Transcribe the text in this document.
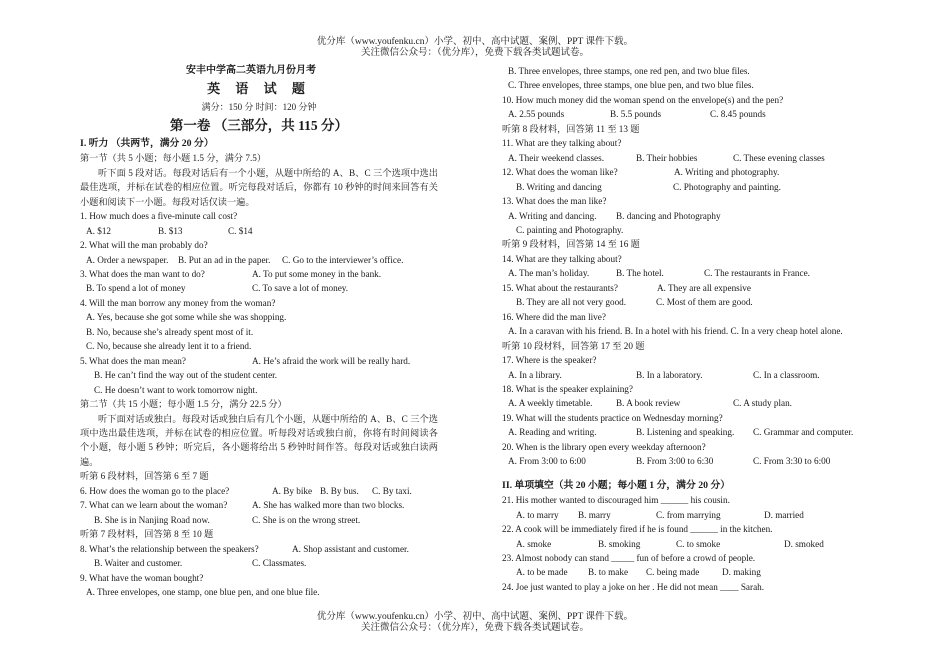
优分库（www.youfenku.cn）小学、初中、高中试题、案例、PPT 课件下载。
关注微信公众号：（优分库），免费下载各类试题试卷。
安丰中学高二英语九月份月考
英 语 试 题
满分：150 分 时间：120 分钟
第一卷 （三部分，共 115 分）
I. 听力 （共两节，满分 20 分）
第一节（共 5 小题；每小题 1.5 分，满分 7.5）
听下面 5 段对话。每段对话后有一个小题，从题中所给的 A、B、C 三个选项中选出最佳选项，并标在试卷的相应位置。听完每段对话后，你都有 10 秒钟的时间来回答有关小题和阅读下一小题。每段对话仅读一遍。
1. How much does a five-minute call cost?
A. $12	B. $13	C. $14
2. What will the man probably do?
A. Order a newspaper. B. Put an ad in the paper. C. Go to the interviewer’s office.
3. What does the man want to do?	A. To put some money in the bank.
B. To spend a lot of money	C. To save a lot of money.
4. Will the man borrow any money from the woman?
A. Yes, because she got some while she was shopping.
B. No, because she’s already spent most of it.
C. No, because she already lent it to a friend.
5. What does the man mean?	A. He’s afraid the work will be really hard.
B. He can’t find the way out of the student center.
C. He doesn’t want to work tomorrow night.
第二节（共 15 小题；每小题 1.5 分，满分 22.5 分）
听下面对话或独白。每段对话或独白后有几个小题，从题中所给的 A、B、C 三个选项中选出最佳选项，并标在试卷的相应位置。听每段对话或独白前，你将有时间阅读各个小题，每小题 5 秒钟；听完后，各小题将给出 5 秒钟时间作答。每段对话或独白读两遍。
听第 6 段材料，回答第 6 至 7 题
6. How does the woman go to the place?	A. By bike B. By bus. C. By taxi.
7. What can we learn about the woman?	A. She has walked more than two blocks.
B. She is in Nanjing Road now.	C. She is on the wrong street.
听第 7 段材料，回答第 8 至 10 题
8. What’s the relationship between the speakers?	A. Shop assistant and customer.
B. Waiter and customer.	C. Classmates.
9. What have the woman bought?
A. Three envelopes, one stamp, one blue pen, and one blue file.
B. Three envelopes, three stamps, one red pen, and two blue files.
C. Three envelopes, three stamps, one blue pen, and two blue files.
10. How much money did the woman spend on the envelope(s) and the pen?
A. 2.55 pounds	B. 5.5 pounds	C. 8.45 pounds
听第 8 段材料，回答第 11 至 13 题
11. What are they talking about?
A. Their weekend classes.	B. Their hobbies	C. These evening classes
12. What does the woman like?	A. Writing and photography.
B. Writing and dancing	C. Photography and painting.
13. What does the man like?
A. Writing and dancing. B. dancing and Photography
C. painting and Photography.
听第 9 段材料，回答第 14 至 16 题
14. What are they talking about?
A. The man’s holiday.	B. The hotel.	C. The restaurants in France.
15. What about the restaurants?	A. They are all expensive
B. They are all not very good.	C. Most of them are good.
16. Where did the man live?
A. In a caravan with his friend. B. In a hotel with his friend. C. In a very cheap hotel alone.
听第 10 段材料，回答第 17 至 20 题
17. Where is the speaker?
A. In a library.	B. In a laboratory.	C. In a classroom.
18. What is the speaker explaining?
A. A weekly timetable.	B. A book review	C. A study plan.
19. What will the students practice on Wednesday morning?
A. Reading and writing.	B. Listening and speaking. C. Grammar and computer.
20. When is the library open every weekday afternoon?
A. From 3:00 to 6:00	B. From 3:00 to 6:30	C. From 3:30 to 6:00
II. 单项填空（共 20 小题；每小题 1 分，满分 20 分）
21. His mother wanted to discouraged him ______ his cousin.
A. to marry B. marry	C. from marrying	D. married
22. A cook will be immediately fired if he is found ______ in the kitchen.
A. smoke	B. smoking	C. to smoke	D. smoked
23. Almost nobody can stand _____ fun of before a crowd of people.
A. to be made B. to make C. being made D. making
24. Joe just wanted to play a joke on her . He did not mean ____ Sarah.
优分库（www.youfenku.cn）小学、初中、高中试题、案例、PPT 课件下载。
关注微信公众号：（优分库），免费下载各类试题试卷。
